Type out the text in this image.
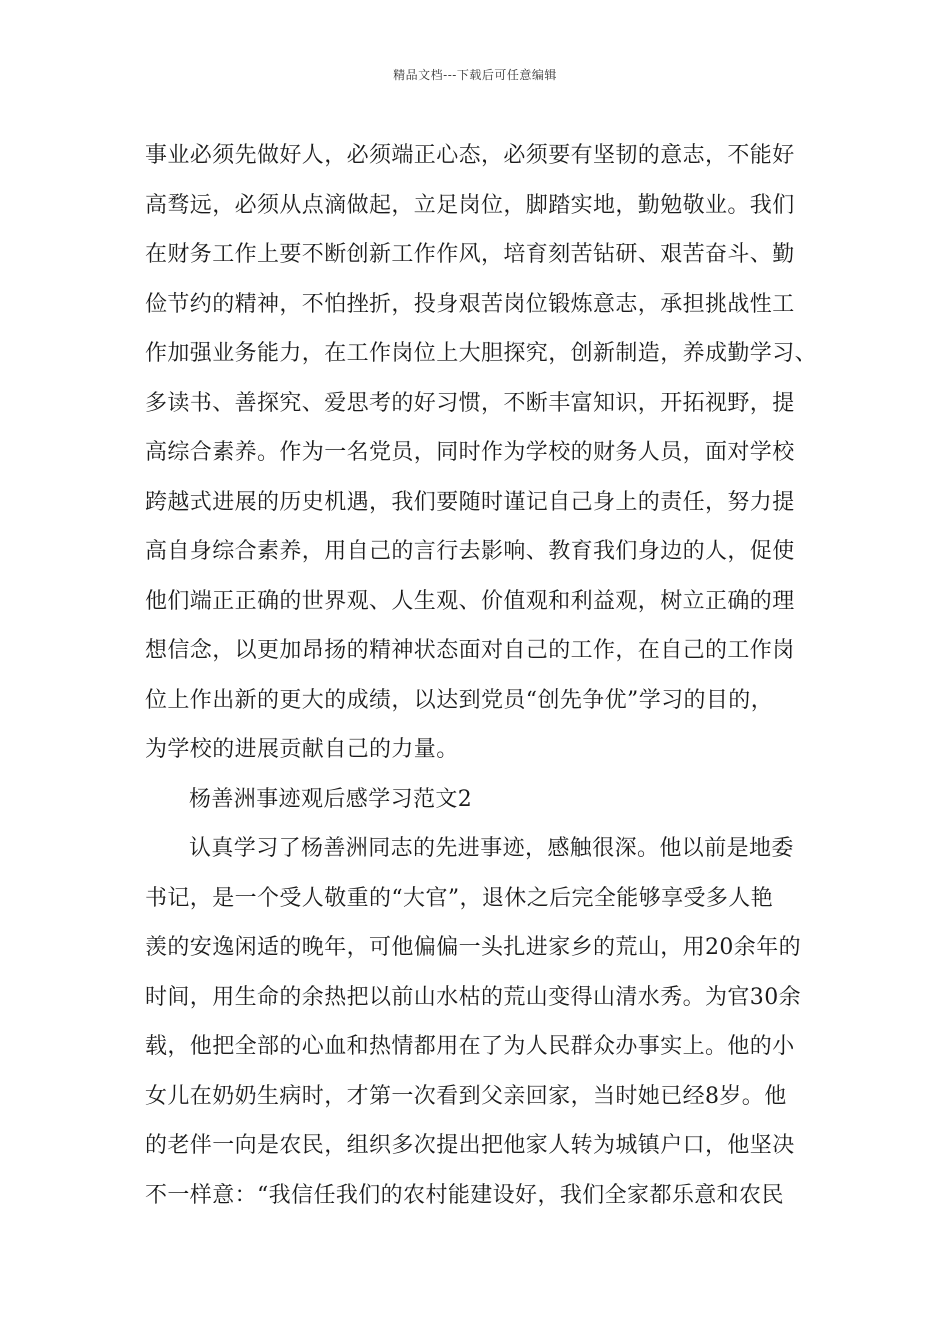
精品文档---下载后可任意编辑
事业必须先做好人，必须端正心态，必须要有坚韧的意志，不能好
高骛远，必须从点滴做起，立足岗位，脚踏实地，勤勉敬业。我们
在财务工作上要不断创新工作作风，培育刻苦钻研、艰苦奋斗、勤
俭节约的精神，不怕挫折，投身艰苦岗位锻炼意志，承担挑战性工
作加强业务能力，在工作岗位上大胆探究，创新制造，养成勤学习、
多读书、善探究、爱思考的好习惯，不断丰富知识，开拓视野，提
高综合素养。作为一名党员，同时作为学校的财务人员，面对学校
跨越式进展的历史机遇，我们要随时谨记自己身上的责任，努力提
高自身综合素养，用自己的言行去影响、教育我们身边的人，促使
他们端正正确的世界观、人生观、价值观和利益观，树立正确的理
想信念，以更加昂扬的精神状态面对自己的工作，在自己的工作岗
位上作出新的更大的成绩，以达到党员“创先争优”学习的目的，
为学校的进展贡献自己的力量。
杨善洲事迹观后感学习范文2
认真学习了杨善洲同志的先进事迹，感触很深。他以前是地委
书记，是一个受人敬重的“大官”，退休之后完全能够享受多人艳
羡的安逸闲适的晚年，可他偏偏一头扎进家乡的荒山，用20余年的
时间，用生命的余热把以前山水枯的荒山变得山清水秀。为官30余
载，他把全部的心血和热情都用在了为人民群众办事实上。他的小
女儿在奶奶生病时，才第一次看到父亲回家，当时她已经8岁。他
的老伴一向是农民，组织多次提出把他家人转为城镇户口，他坚决
不一样意：“我信任我们的农村能建设好，我们全家都乐意和农民
